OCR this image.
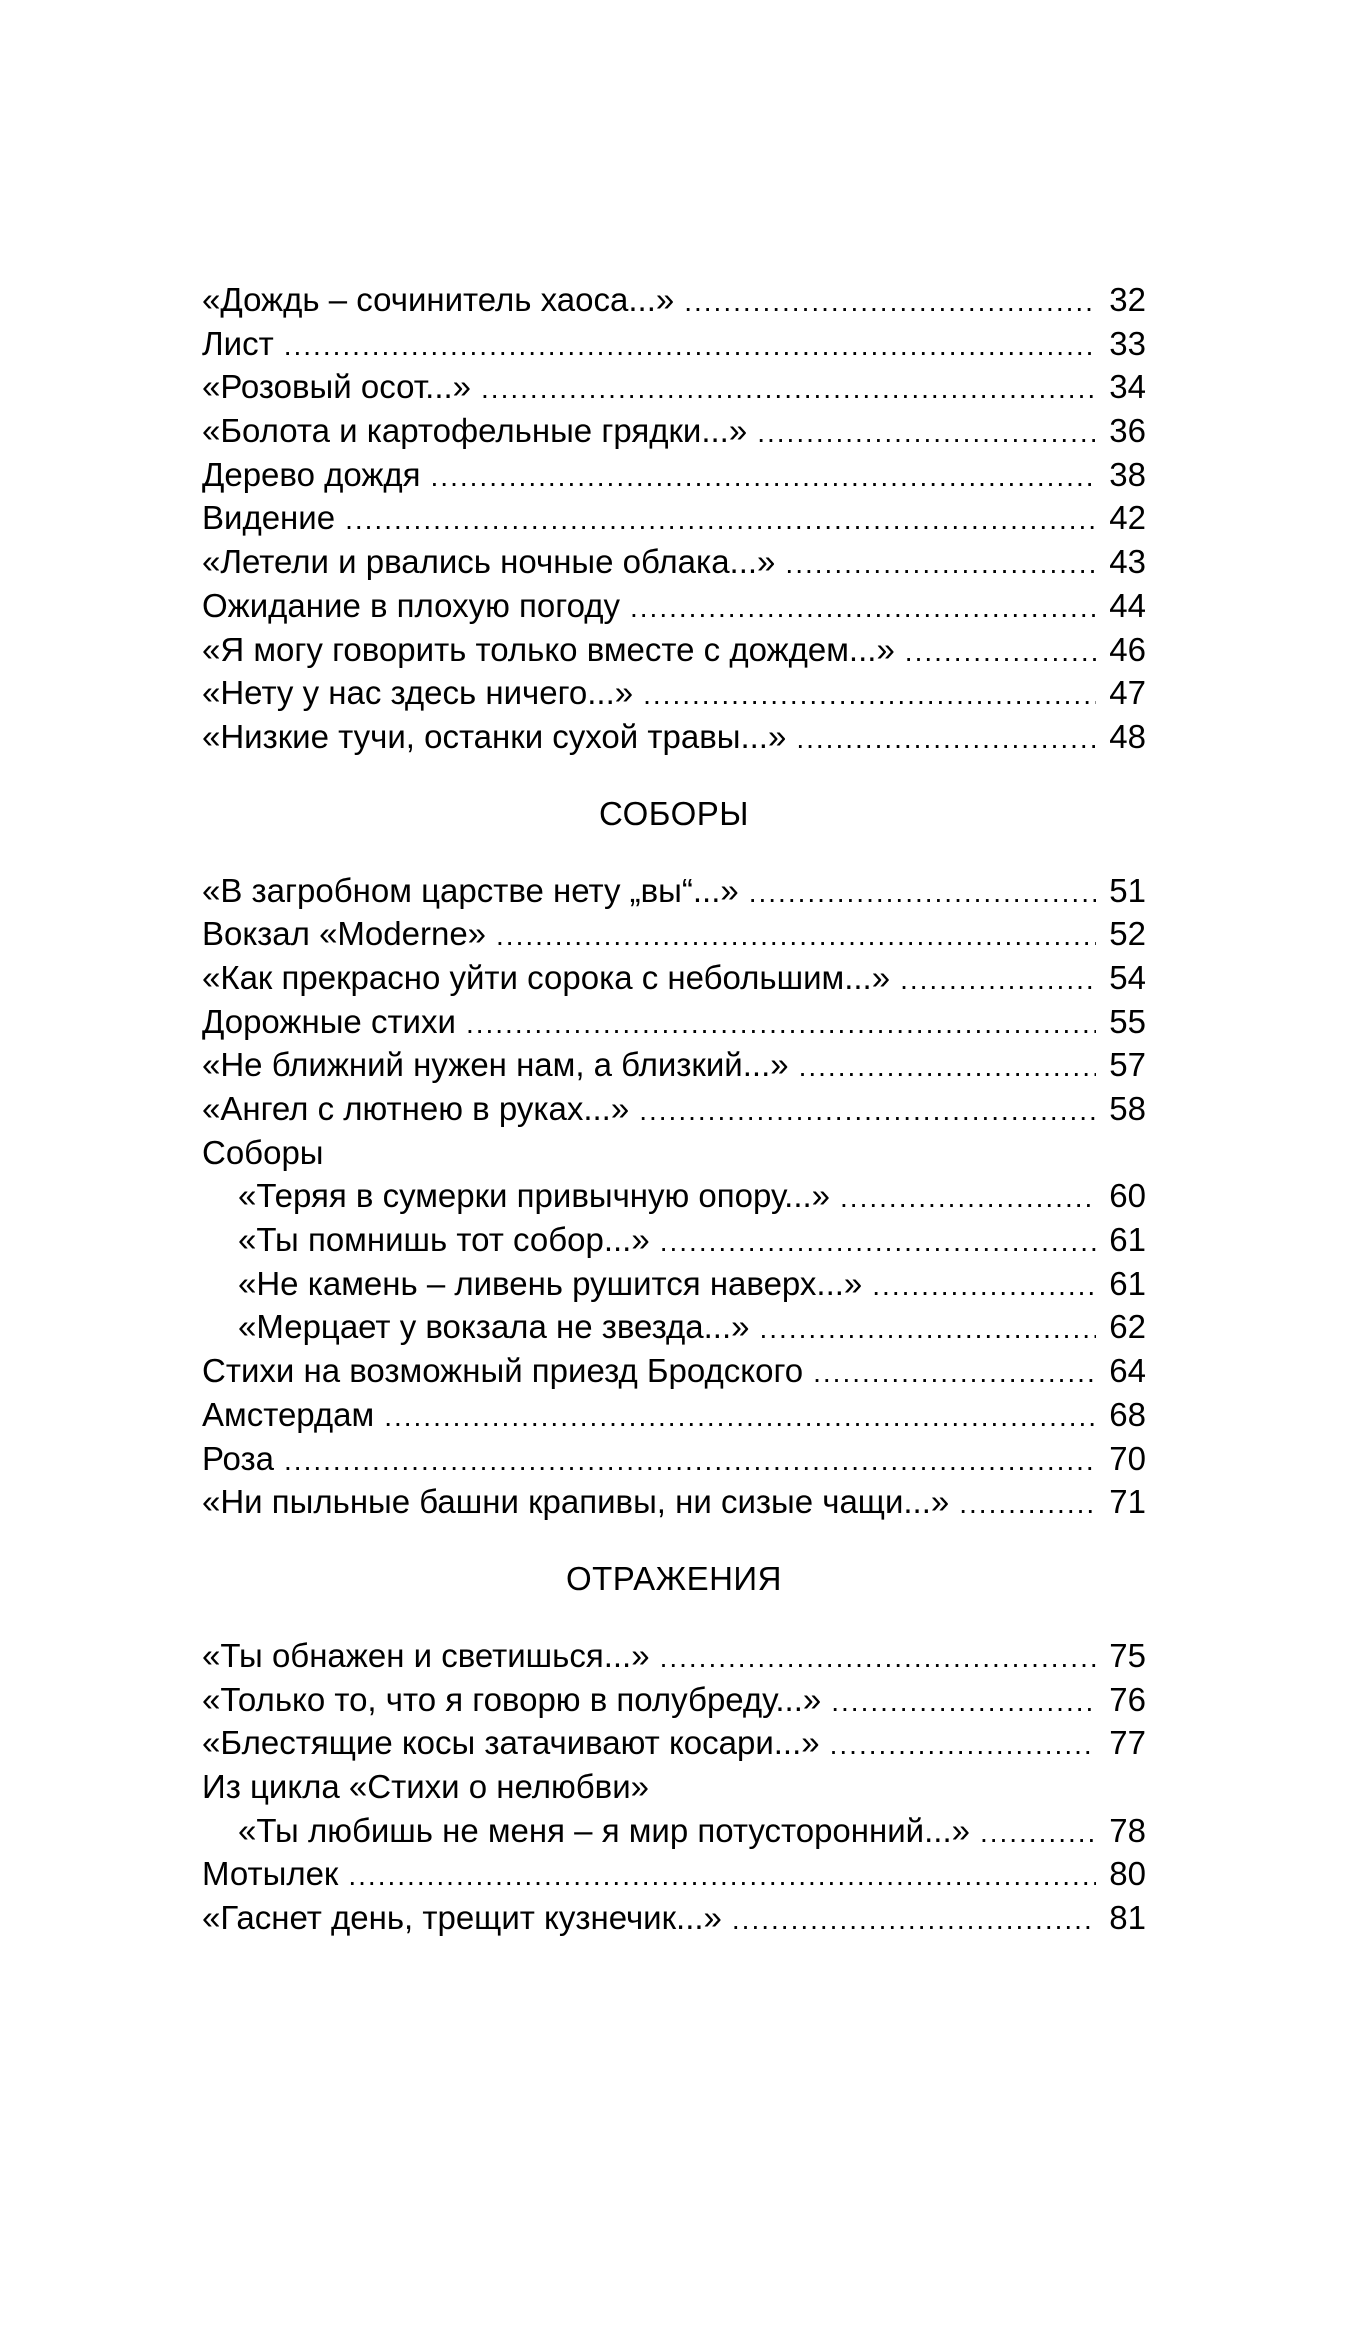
«Дождь – сочинитель хаоса...» .....	32
Лист .....	33
«Розовый осот...» .....	34
«Болота и картофельные грядки...» .....	36
Дерево дождя .....	38
Видение .....	42
«Летели и рвались ночные облака...» .....	43
Ожидание в плохую погоду .....	44
«Я могу говорить только вместе с дождем...» .....	46
«Нету у нас здесь ничего...» .....	47
«Низкие тучи, останки сухой травы...» .....	48
СОБОРЫ
«В загробном царстве нету „вы“...» .....	51
Вокзал «Moderne» .....	52
«Как прекрасно уйти сорока с небольшим...» .....	54
Дорожные стихи .....	55
«Не ближний нужен нам, а близкий...» .....	57
«Ангел с лютнею в руках...» .....	58
Соборы
«Теряя в сумерки привычную опору...» .....	60
«Ты помнишь тот собор...» .....	61
«Не камень – ливень рушится наверх...» .....	61
«Мерцает у вокзала не звезда...» .....	62
Стихи на возможный приезд Бродского .....	64
Амстердам .....	68
Роза .....	70
«Ни пыльные башни крапивы, ни сизые чащи...» .....	71
ОТРАЖЕНИЯ
«Ты обнажен и светишься...» .....	75
«Только то, что я говорю в полубреду...» .....	76
«Блестящие косы затачивают косари...» .....	77
Из цикла «Стихи о нелюбви»
«Ты любишь не меня – я мир потусторонний...» .....	78
Мотылек .....	80
«Гаснет день, трещит кузнечик...» .....	81
